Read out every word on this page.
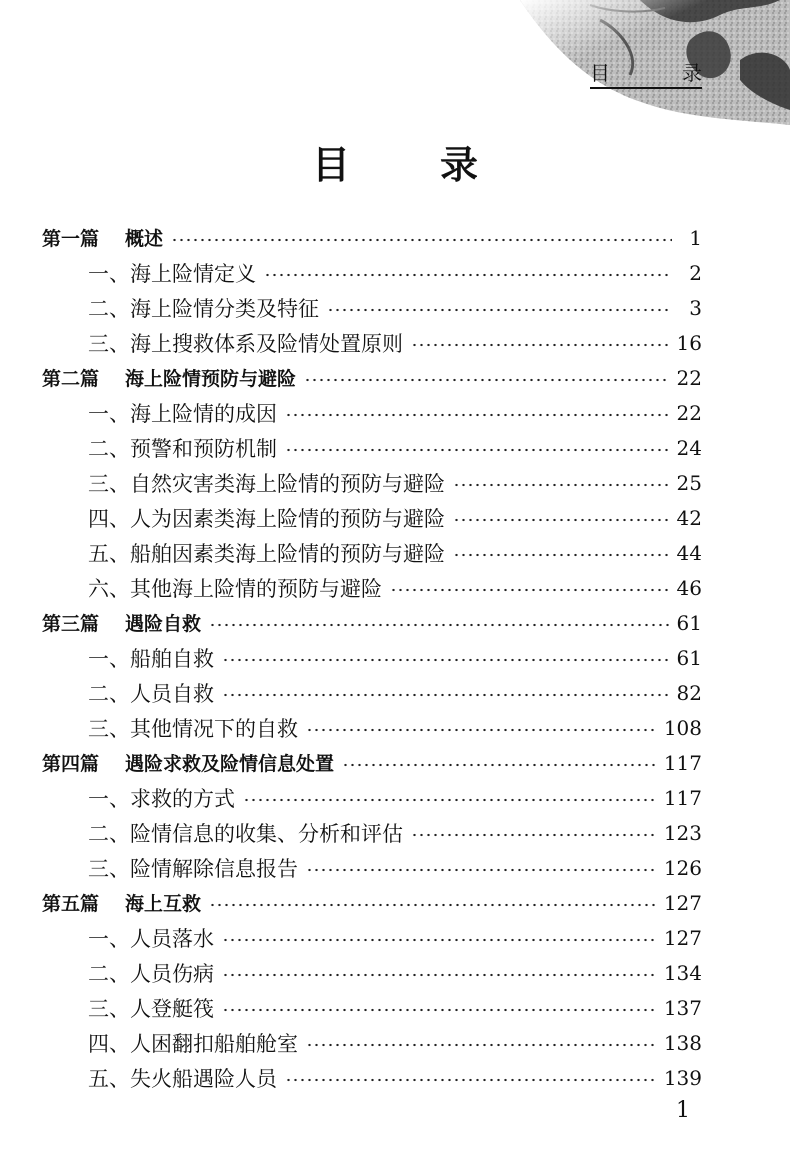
目	录
目 录
第一篇 概述	1
一、海上险情定义	2
二、海上险情分类及特征	3
三、海上搜救体系及险情处置原则	16
第二篇 海上险情预防与避险	22
一、海上险情的成因	22
二、预警和预防机制	24
三、自然灾害类海上险情的预防与避险	25
四、人为因素类海上险情的预防与避险	42
五、船舶因素类海上险情的预防与避险	44
六、其他海上险情的预防与避险	46
第三篇 遇险自救	61
一、船舶自救	61
二、人员自救	82
三、其他情况下的自救	108
第四篇 遇险求救及险情信息处置	117
一、求救的方式	117
二、险情信息的收集、分析和评估	123
三、险情解除信息报告	126
第五篇 海上互救	127
一、人员落水	127
二、人员伤病	134
三、人登艇筏	137
四、人困翻扣船舶舱室	138
五、失火船遇险人员	139
1
